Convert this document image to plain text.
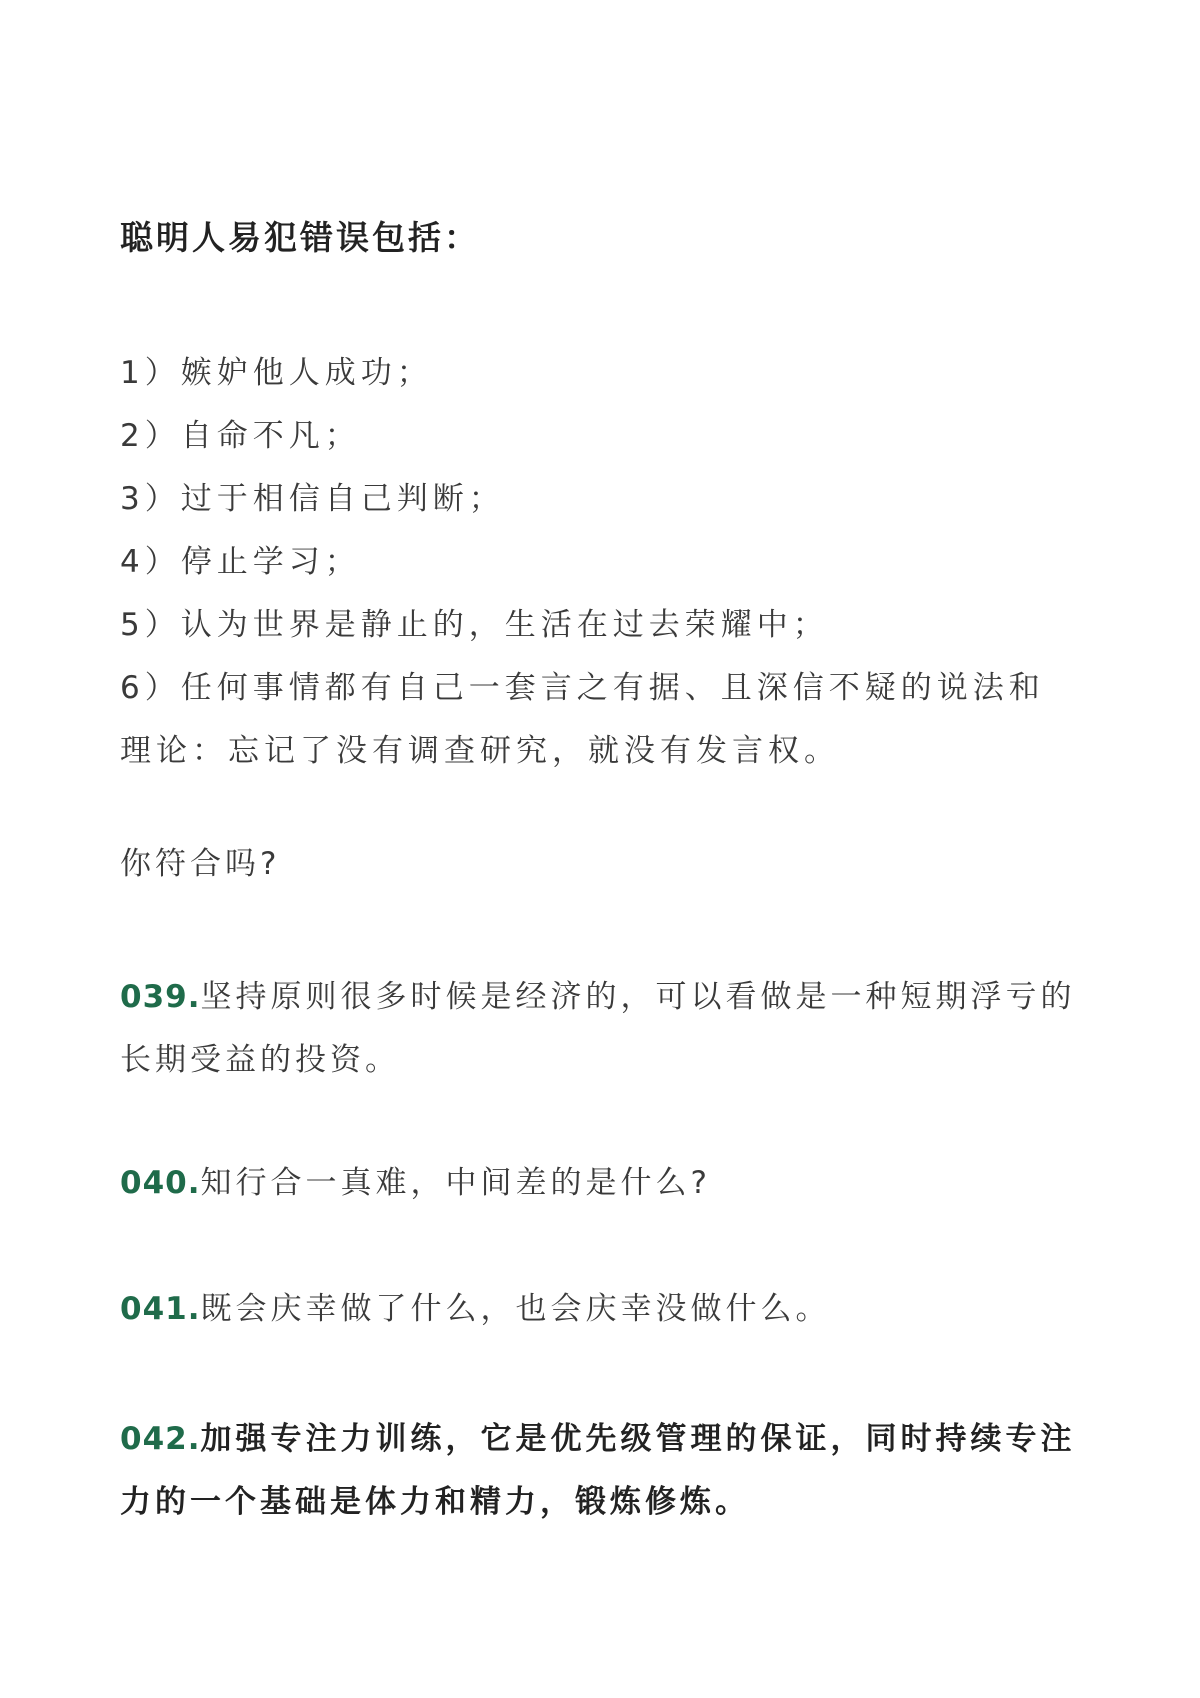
聪明人易犯错误包括：
1）嫉妒他人成功；
2）自命不凡；
3）过于相信自己判断；
4）停止学习；
5）认为世界是静止的，生活在过去荣耀中；
6）任何事情都有自己一套言之有据、且深信不疑的说法和理论：忘记了没有调查研究，就没有发言权。
你符合吗?
039.坚持原则很多时候是经济的，可以看做是一种短期浮亏的长期受益的投资。
040.知行合一真难，中间差的是什么?
041.既会庆幸做了什么，也会庆幸没做什么。
042.加强专注力训练，它是优先级管理的保证，同时持续专注力的一个基础是体力和精力，锻炼修炼。
